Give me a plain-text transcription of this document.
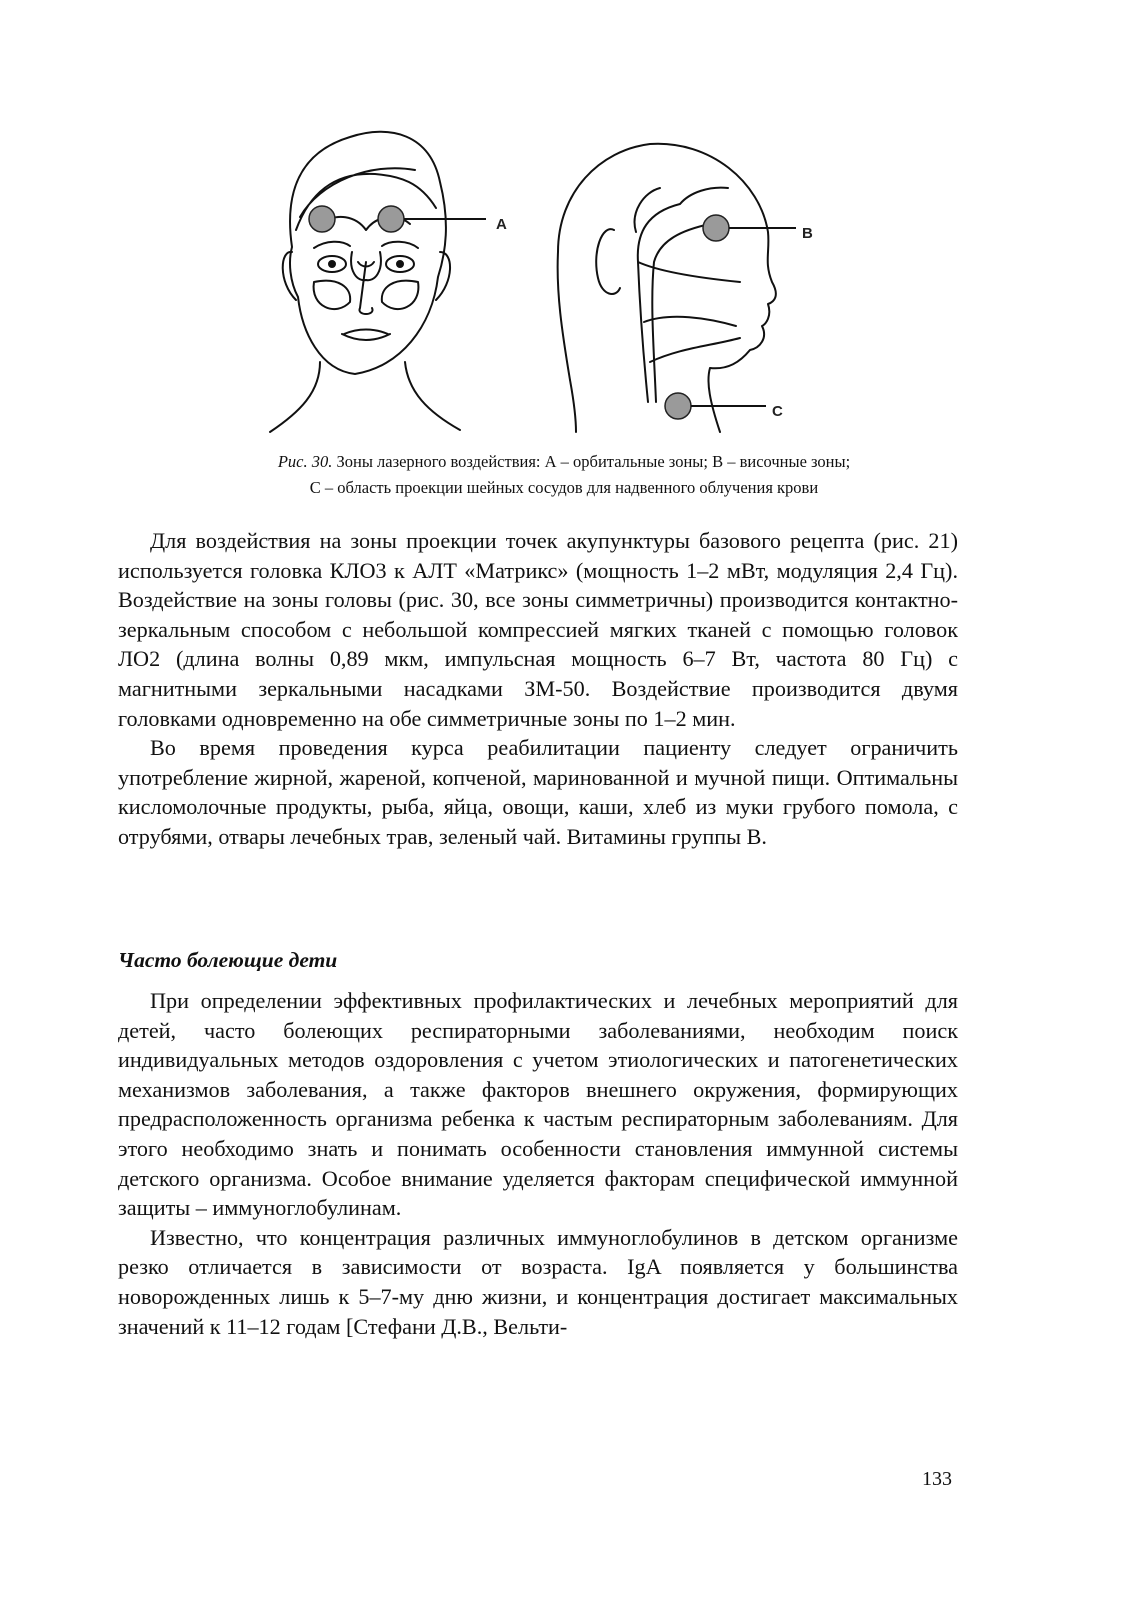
A
B
C
Рис. 30. Зоны лазерного воздействия: А – орбитальные зоны; В – височные зоны;
С – область проекции шейных сосудов для надвенного облучения крови

Для воздействия на зоны проекции точек акупунктуры базового рецепта (рис. 21) используется головка КЛО3 к АЛТ «Матрикс» (мощность 1–2 мВт, модуляция 2,4 Гц). Воздействие на зоны головы (рис. 30, все зоны симметричны) производится контактно-зеркальным способом с небольшой компрессией мягких тканей с помощью головок ЛО2 (длина волны 0,89 мкм, импульсная мощность 6–7 Вт, частота 80 Гц) с магнитными зеркальными насадками ЗМ-50. Воздействие производится двумя головками одновременно на обе симметричные зоны по 1–2 мин.

Во время проведения курса реабилитации пациенту следует ограничить употребление жирной, жареной, копченой, маринованной и мучной пищи. Оптимальны кисломолочные продукты, рыба, яйца, овощи, каши, хлеб из муки грубого помола, с отрубями, отвары лечебных трав, зеленый чай. Витамины группы В.

Часто болеющие дети

При определении эффективных профилактических и лечебных мероприятий для детей, часто болеющих респираторными заболеваниями, необходим поиск индивидуальных методов оздоровления с учетом этиологических и патогенетических механизмов заболевания, а также факторов внешнего окружения, формирующих предрасположенность организма ребенка к частым респираторным заболеваниям. Для этого необходимо знать и понимать особенности становления иммунной системы детского организма. Особое внимание уделяется факторам специфической иммунной защиты – иммуноглобулинам.

Известно, что концентрация различных иммуноглобулинов в детском организме резко отличается в зависимости от возраста. IgA появляется у большинства новорожденных лишь к 5–7-му дню жизни, и концентрация достигает максимальных значений к 11–12 годам [Стефани Д.В., Вельти-

133
